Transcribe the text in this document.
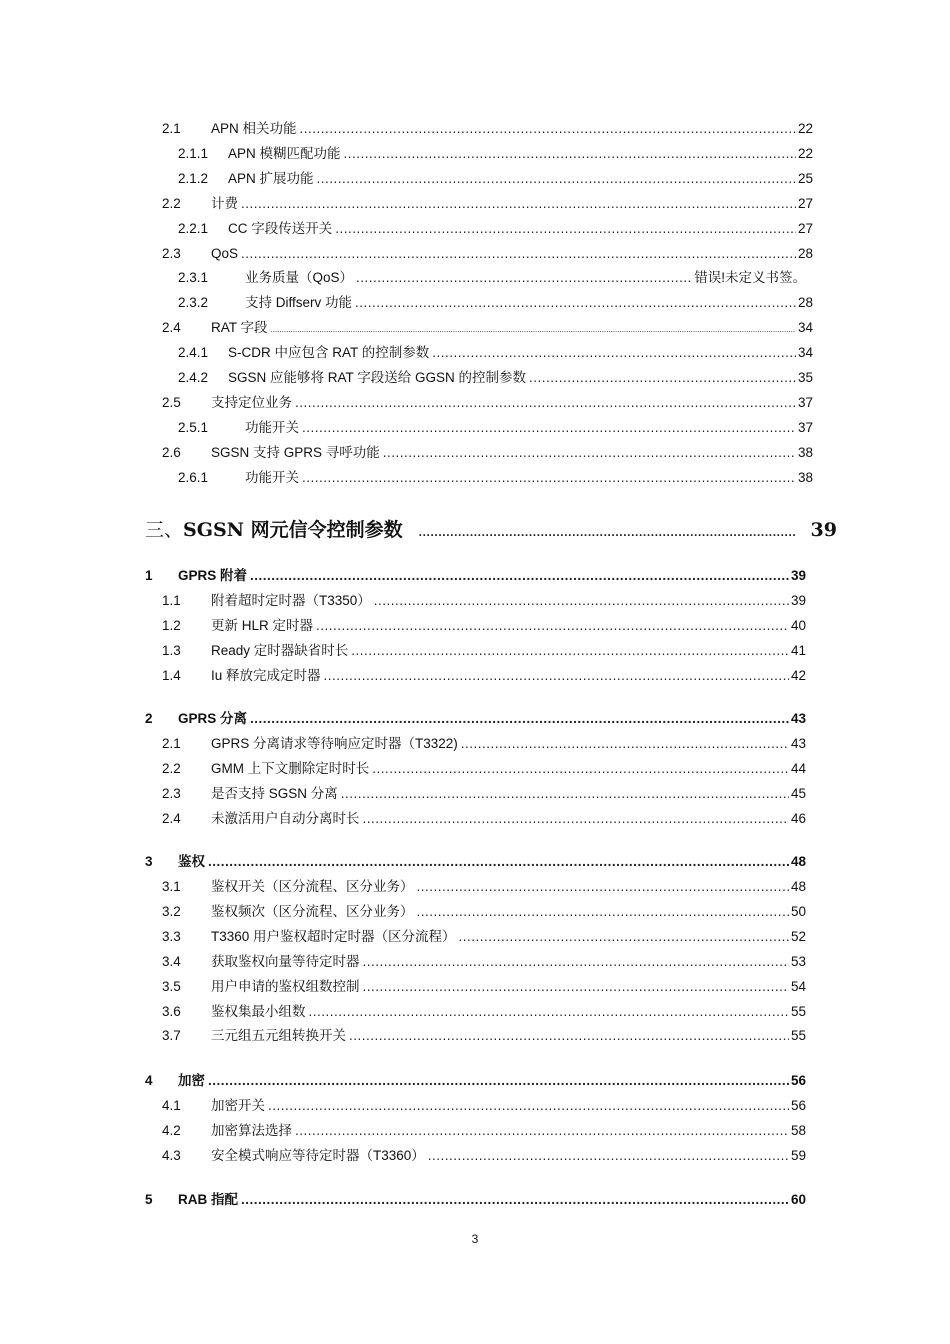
2.1	APN 相关功能 .....	22
2.1.1	APN 模糊匹配功能 .....	22
2.1.2	APN 扩展功能 .....	25
2.2	计费 .....	27
2.2.1	CC 字段传送开关 .....	27
2.3	QoS .....	28
2.3.1	业务质量（QoS） .....	错误!未定义书签。
2.3.2	支持 Diffserv 功能 .....	28
2.4	RAT 字段 .....	34
2.4.1	S-CDR 中应包含 RAT 的控制参数 .....	34
2.4.2	SGSN 应能够将 RAT 字段送给 GGSN 的控制参数 .....	35
2.5	支持定位业务 .....	37
2.5.1	功能开关 .....	37
2.6	SGSN 支持 GPRS 寻呼功能 .....	38
2.6.1	功能开关 .....	38
三、 SGSN 网元信令控制参数 .....	39
1	GPRS 附着 .....	39
1.1	附着超时定时器（T3350） .....	39
1.2	更新 HLR 定时器 .....	40
1.3	Ready 定时器缺省时长 .....	41
1.4	Iu 释放完成定时器 .....	42
2	GPRS 分离 .....	43
2.1	GPRS 分离请求等待响应定时器（T3322) .....	43
2.2	GMM 上下文删除定时时长 .....	44
2.3	是否支持 SGSN 分离 .....	45
2.4	未激活用户自动分离时长 .....	46
3	鉴权 .....	48
3.1	鉴权开关（区分流程、区分业务） .....	48
3.2	鉴权频次（区分流程、区分业务） .....	50
3.3	T3360 用户鉴权超时定时器（区分流程） .....	52
3.4	获取鉴权向量等待定时器 .....	53
3.5	用户申请的鉴权组数控制 .....	54
3.6	鉴权集最小组数 .....	55
3.7	三元组五元组转换开关 .....	55
4	加密 .....	56
4.1	加密开关 .....	56
4.2	加密算法选择 .....	58
4.3	安全模式响应等待定时器（T3360） .....	59
5	RAB 指配 .....	60
3
